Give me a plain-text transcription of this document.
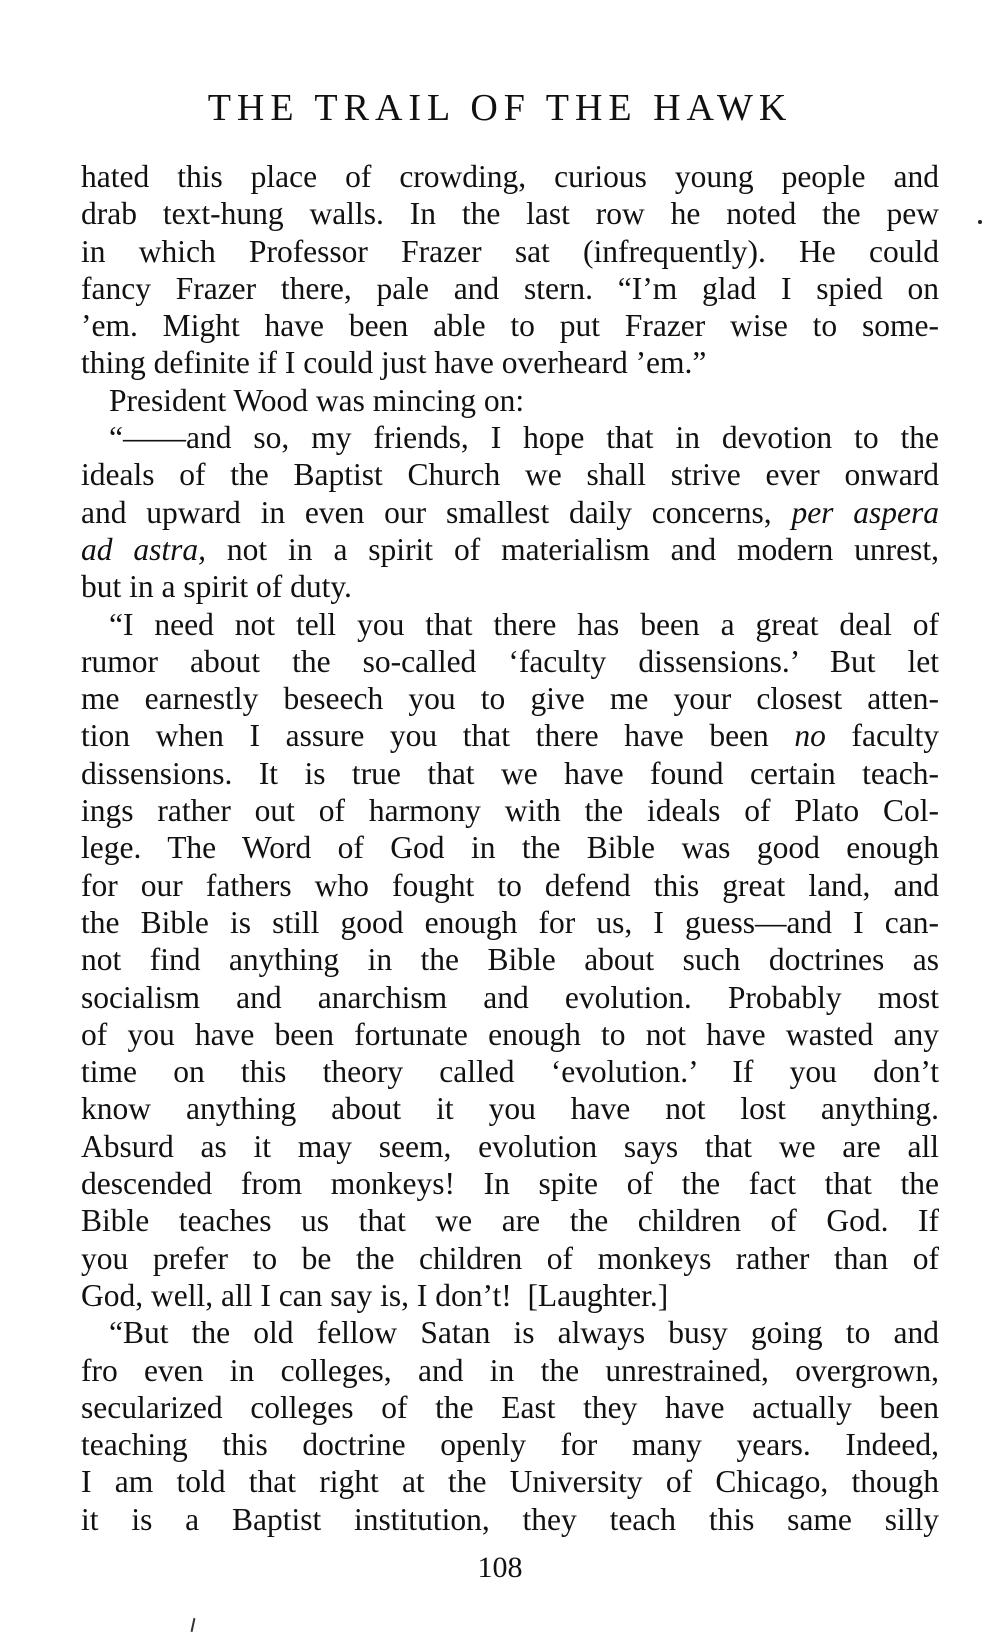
THE TRAIL OF THE HAWK
hated this place of crowding, curious young people and
drab text-hung walls. In the last row he noted the pew
in which Professor Frazer sat (infrequently). He could
fancy Frazer there, pale and stern. “I’m glad I spied on
’em. Might have been able to put Frazer wise to some-
thing definite if I could just have overheard ’em.”
President Wood was mincing on:
“——and so, my friends, I hope that in devotion to the
ideals of the Baptist Church we shall strive ever onward
and upward in even our smallest daily concerns, per aspera
ad astra, not in a spirit of materialism and modern unrest,
but in a spirit of duty.
“I need not tell you that there has been a great deal of
rumor about the so-called ‘faculty dissensions.’ But let
me earnestly beseech you to give me your closest atten-
tion when I assure you that there have been no faculty
dissensions. It is true that we have found certain teach-
ings rather out of harmony with the ideals of Plato Col-
lege. The Word of God in the Bible was good enough
for our fathers who fought to defend this great land, and
the Bible is still good enough for us, I guess—and I can-
not find anything in the Bible about such doctrines as
socialism and anarchism and evolution. Probably most
of you have been fortunate enough to not have wasted any
time on this theory called ‘evolution.’ If you don’t
know anything about it you have not lost anything.
Absurd as it may seem, evolution says that we are all
descended from monkeys! In spite of the fact that the
Bible teaches us that we are the children of God. If
you prefer to be the children of monkeys rather than of
God, well, all I can say is, I don’t!  [Laughter.]
“But the old fellow Satan is always busy going to and
fro even in colleges, and in the unrestrained, overgrown,
secularized colleges of the East they have actually been
teaching this doctrine openly for many years. Indeed,
I am told that right at the University of Chicago, though
it is a Baptist institution, they teach this same silly
108
